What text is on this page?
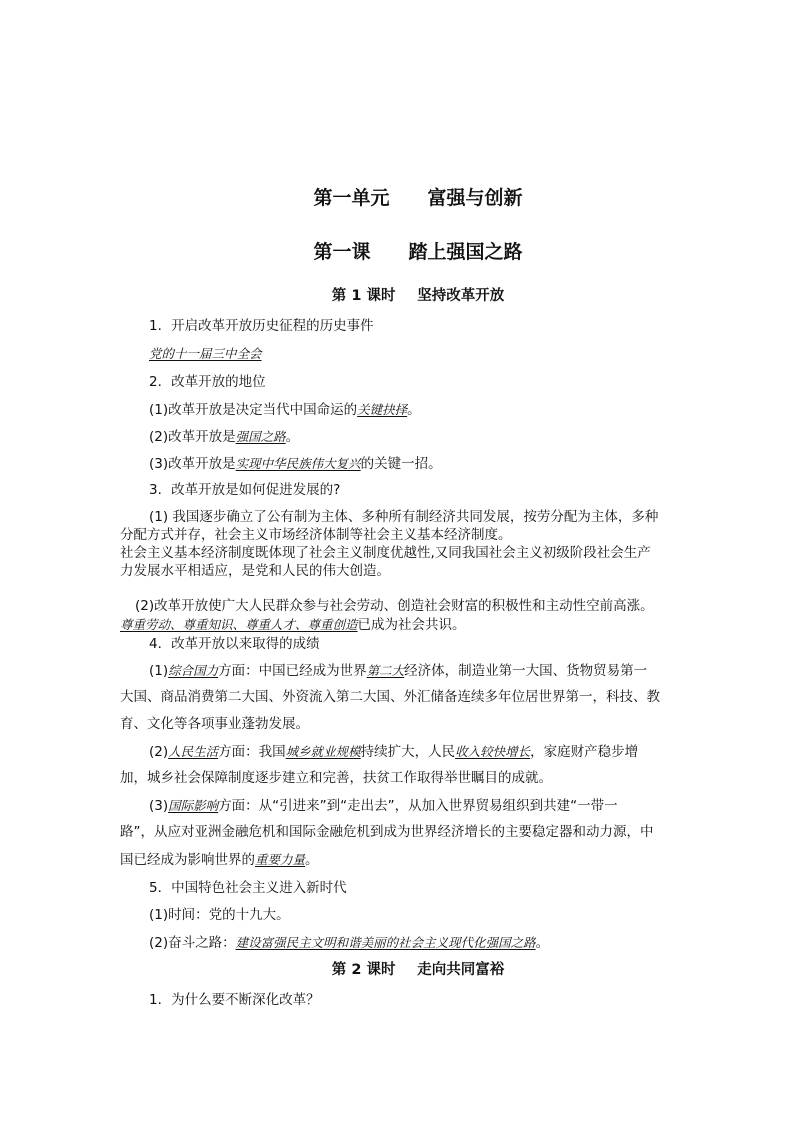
第一单元 富强与创新
第一课 踏上强国之路
第 1 课时 坚持改革开放
1．开启改革开放历史征程的历史事件
党的十一届三中全会
2．改革开放的地位
(1)改革开放是决定当代中国命运的关键抉择。
(2)改革开放是强国之路。
(3)改革开放是实现中华民族伟大复兴的关键一招。
3．改革开放是如何促进发展的?
(1) 我国逐步确立了公有制为主体、多种所有制经济共同发展，按劳分配为主体，多种
分配方式并存，社会主义市场经济体制等社会主义基本经济制度。
社会主义基本经济制度既体现了社会主义制度优越性,又同我国社会主义初级阶段社会生产
力发展水平相适应，是党和人民的伟大创造。
(2)改革开放使广大人民群众参与社会劳动、创造社会财富的积极性和主动性空前高涨。
尊重劳动、尊重知识、尊重人才、尊重创造已成为社会共识。
4．改革开放以来取得的成绩
(1)综合国力方面：中国已经成为世界第二大经济体，制造业第一大国、货物贸易第一
大国、商品消费第二大国、外资流入第二大国、外汇储备连续多年位居世界第一，科技、教
育、文化等各项事业蓬勃发展。
(2)人民生活方面：我国城乡就业规模持续扩大，人民收入较快增长，家庭财产稳步增
加，城乡社会保障制度逐步建立和完善，扶贫工作取得举世瞩目的成就。
(3)国际影响方面：从“引进来”到“走出去”，从加入世界贸易组织到共建“一带一
路”，从应对亚洲金融危机和国际金融危机到成为世界经济增长的主要稳定器和动力源，中
国已经成为影响世界的重要力量。
5．中国特色社会主义进入新时代
(1)时间：党的十九大。
(2)奋斗之路：建设富强民主文明和谐美丽的社会主义现代化强国之路。
第 2 课时 走向共同富裕
1．为什么要不断深化改革？
